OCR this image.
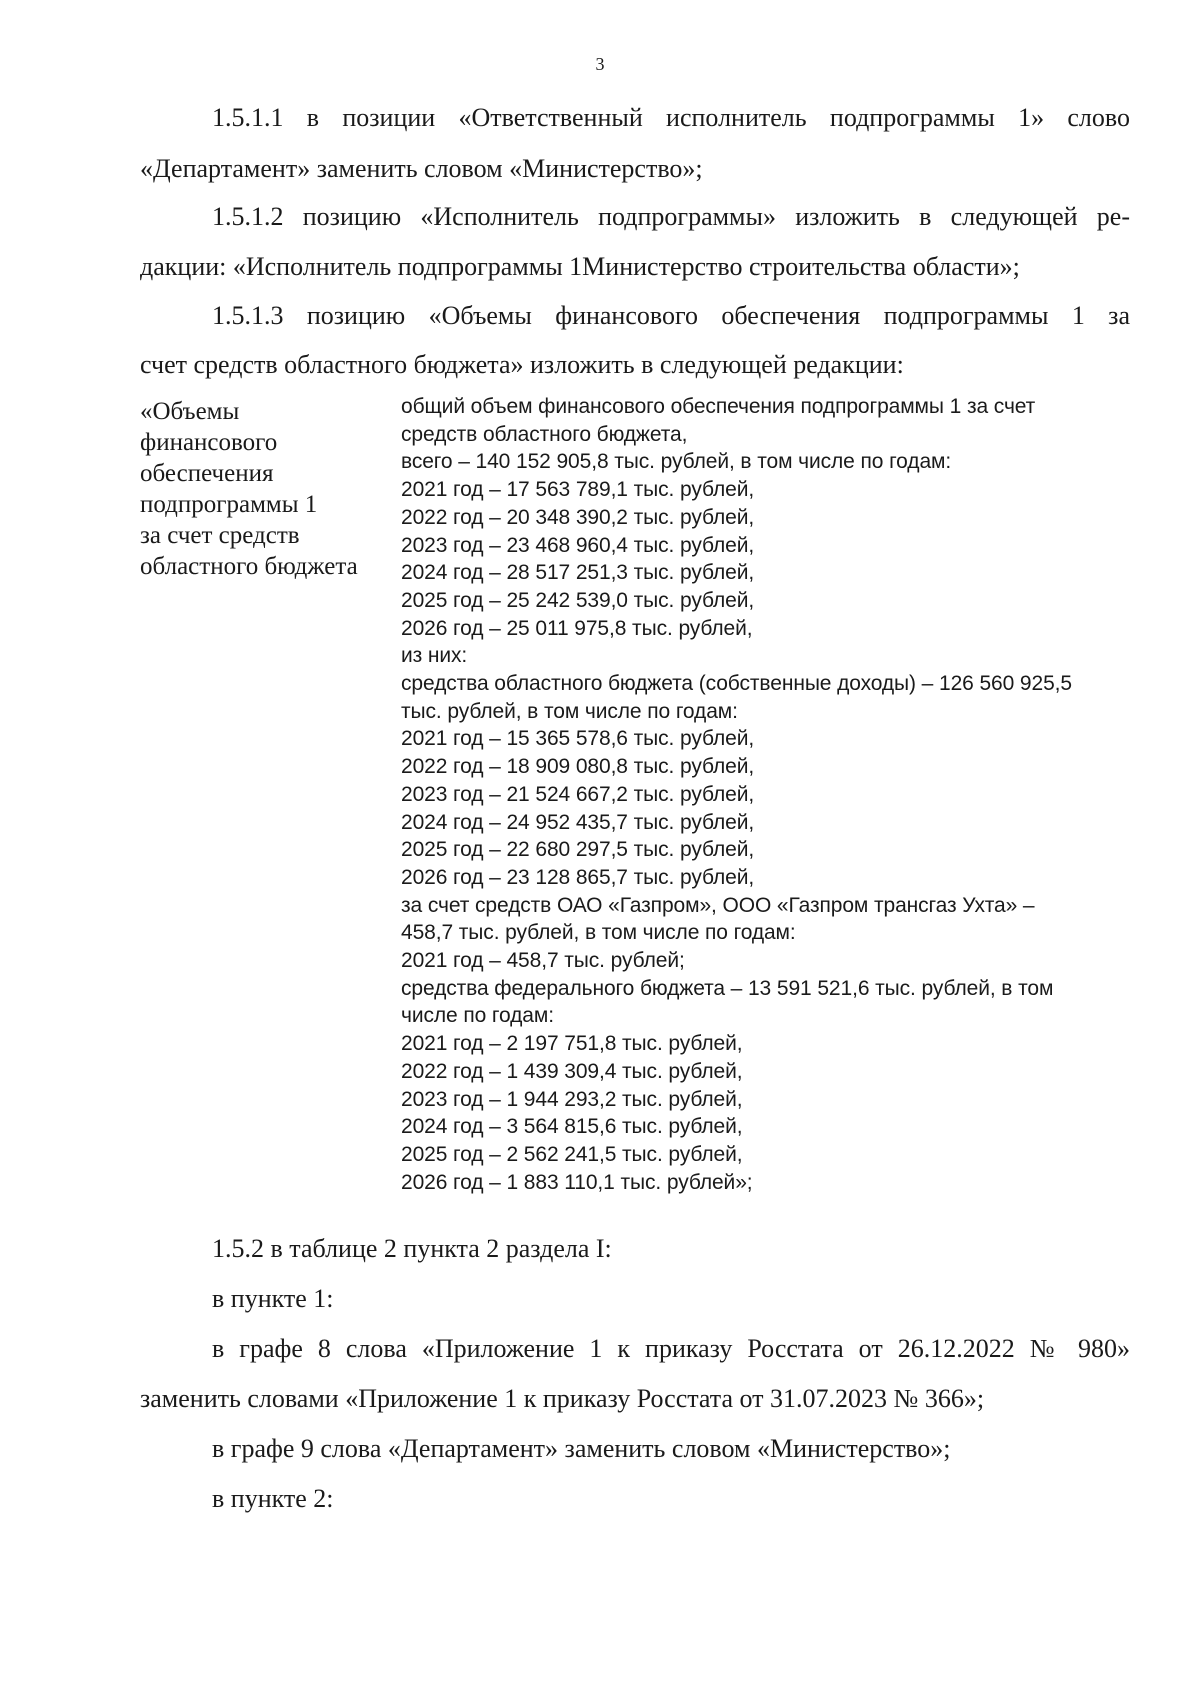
3

1.5.1.1 в позиции «Ответственный исполнитель подпрограммы 1» слово

«Департамент» заменить словом «Министерство»;

1.5.1.2 позицию «Исполнитель подпрограммы» изложить в следующей ре-

дакции: «Исполнитель подпрограммы 1Министерство строительства области»;

1.5.1.3 позицию «Объемы финансового обеспечения подпрограммы 1 за

счет средств областного бюджета» изложить в следующей редакции:

«Объемы
финансового
обеспечения
подпрограммы 1
за счет средств
областного бюджета
общий объем финансового обеспечения подпрограммы 1 за счет
средств областного бюджета,
всего – 140 152 905,8 тыс. рублей, в том числе по годам:
2021 год – 17 563 789,1 тыс. рублей,
2022 год – 20 348 390,2 тыс. рублей,
2023 год – 23 468 960,4 тыс. рублей,
2024 год – 28 517 251,3 тыс. рублей,
2025 год – 25 242 539,0 тыс. рублей,
2026 год – 25 011 975,8 тыс. рублей,
из них:
средства областного бюджета (собственные доходы) – 126 560 925,5
тыс. рублей, в том числе по годам:
2021 год – 15 365 578,6 тыс. рублей,
2022 год – 18 909 080,8 тыс. рублей,
2023 год – 21 524 667,2 тыс. рублей,
2024 год – 24 952 435,7 тыс. рублей,
2025 год – 22 680 297,5 тыс. рублей,
2026 год – 23 128 865,7 тыс. рублей,
за счет средств ОАО «Газпром», ООО «Газпром трансгаз Ухта» –
458,7 тыс. рублей, в том числе по годам:
2021 год – 458,7 тыс. рублей;
средства федерального бюджета – 13 591 521,6 тыс. рублей, в том
числе по годам:
2021 год – 2 197 751,8 тыс. рублей,
2022 год – 1 439 309,4 тыс. рублей,
2023 год – 1 944 293,2 тыс. рублей,
2024 год – 3 564 815,6 тыс. рублей,
2025 год – 2 562 241,5 тыс. рублей,
2026 год – 1 883 110,1 тыс. рублей»;

1.5.2 в таблице 2 пункта 2 раздела I:

в пункте 1:

в графе 8 слова «Приложение 1 к приказу Росстата от 26.12.2022 № 980»

заменить словами «Приложение 1 к приказу Росстата от 31.07.2023 № 366»;

в графе 9 слова «Департамент» заменить словом «Министерство»;

в пункте 2:
